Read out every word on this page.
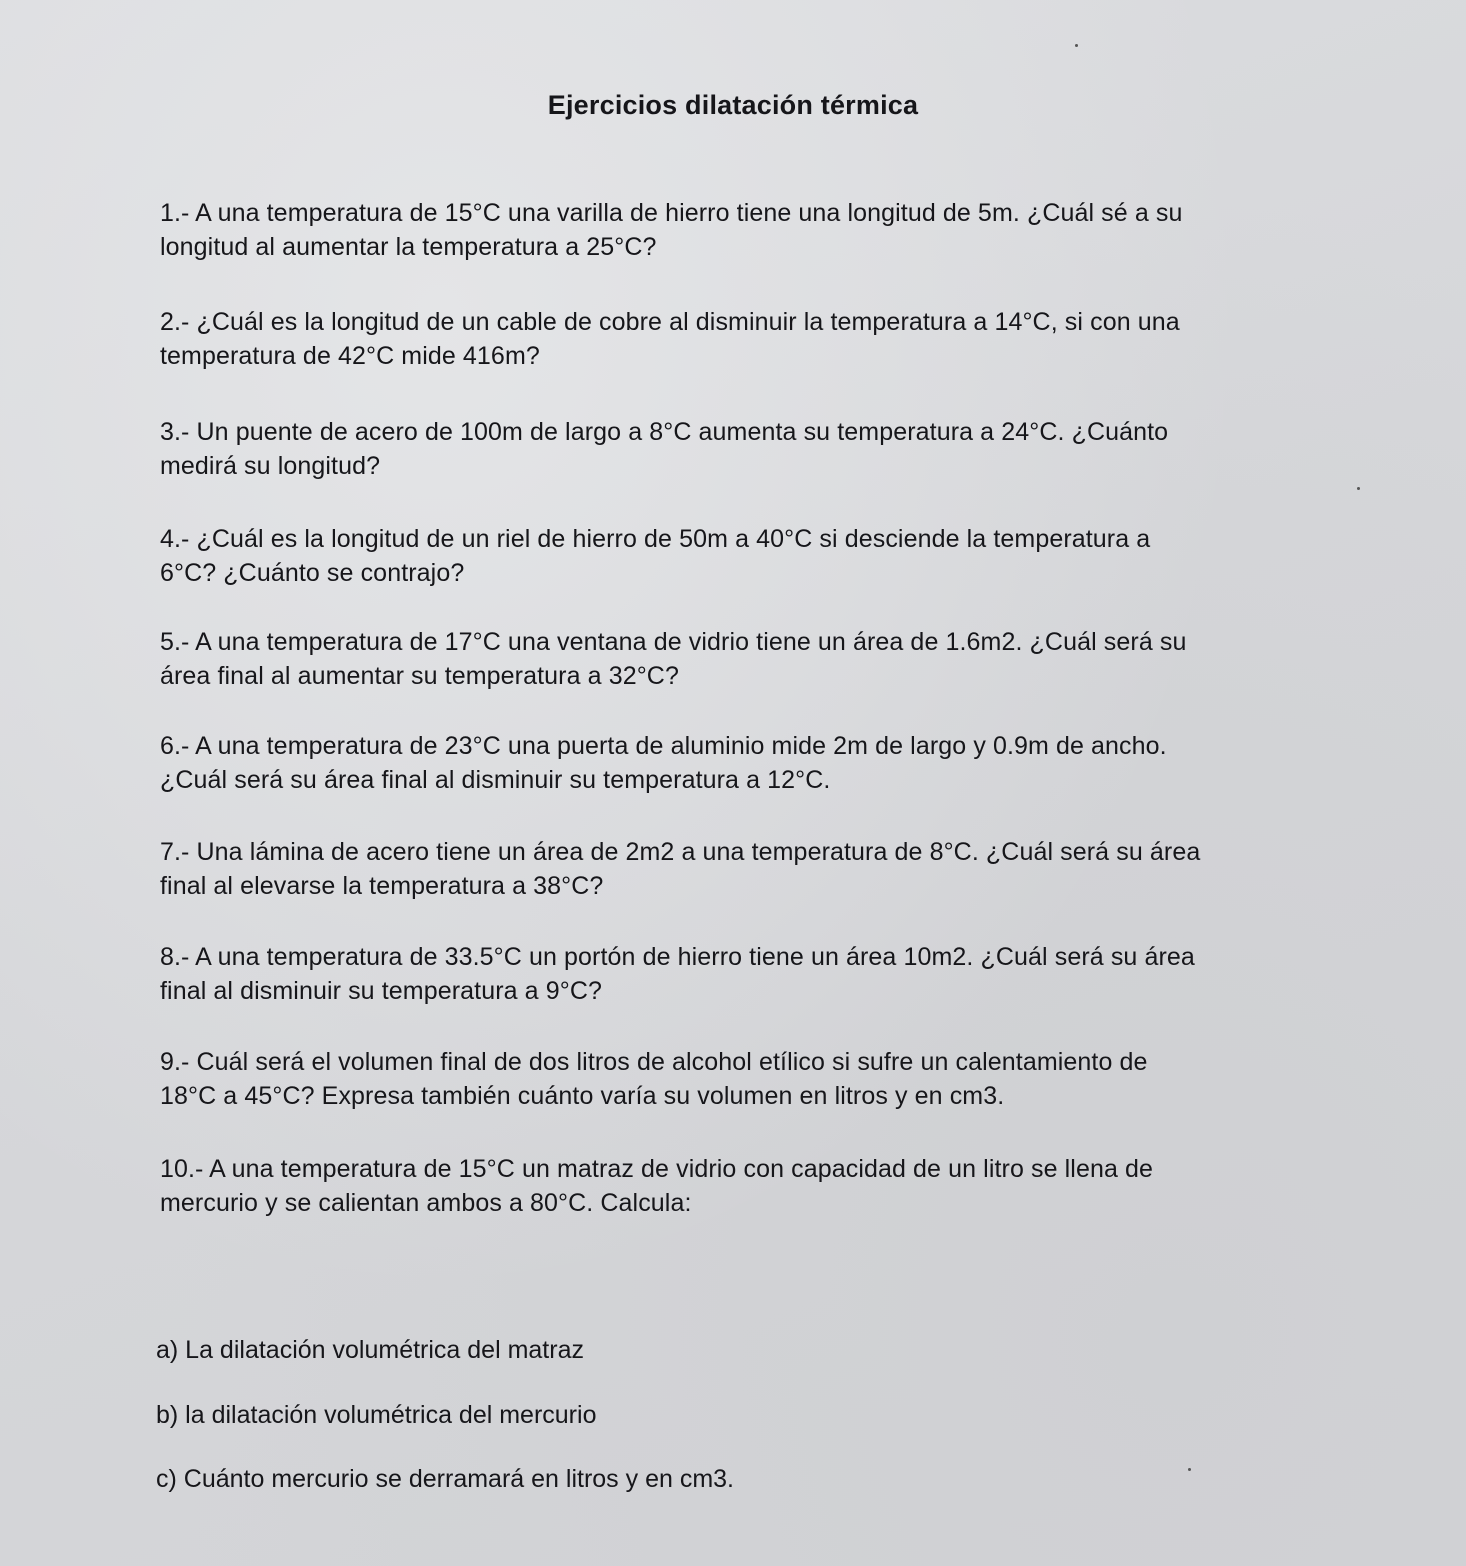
Ejercicios dilatación térmica
1.- A una temperatura de 15°C una varilla de hierro tiene una longitud de 5m. ¿Cuál sé a su
longitud al aumentar la temperatura a 25°C?
2.- ¿Cuál es la longitud de un cable de cobre al disminuir la temperatura a 14°C, si con una
temperatura de 42°C mide 416m?
3.- Un puente de acero de 100m de largo a 8°C aumenta su temperatura a 24°C. ¿Cuánto
medirá su longitud?
4.- ¿Cuál es la longitud de un riel de hierro de 50m a 40°C si desciende la temperatura a
6°C? ¿Cuánto se contrajo?
5.- A una temperatura de 17°C una ventana de vidrio tiene un área de 1.6m2. ¿Cuál será su
área final al aumentar su temperatura a 32°C?
6.- A una temperatura de 23°C una puerta de aluminio mide 2m de largo y 0.9m de ancho.
¿Cuál será su área final al disminuir su temperatura a 12°C.
7.- Una lámina de acero tiene un área de 2m2 a una temperatura de 8°C. ¿Cuál será su área
final al elevarse la temperatura a 38°C?
8.- A una temperatura de 33.5°C un portón de hierro tiene un área 10m2. ¿Cuál será su área
final al disminuir su temperatura a 9°C?
9.- Cuál será el volumen final de dos litros de alcohol etílico si sufre un calentamiento de
18°C a 45°C? Expresa también cuánto varía su volumen en litros y en cm3.
10.- A una temperatura de 15°C un matraz de vidrio con capacidad de un litro se llena de
mercurio y se calientan ambos a 80°C. Calcula:
a) La dilatación volumétrica del matraz
b) la dilatación volumétrica del mercurio
c) Cuánto mercurio se derramará en litros y en cm3.
